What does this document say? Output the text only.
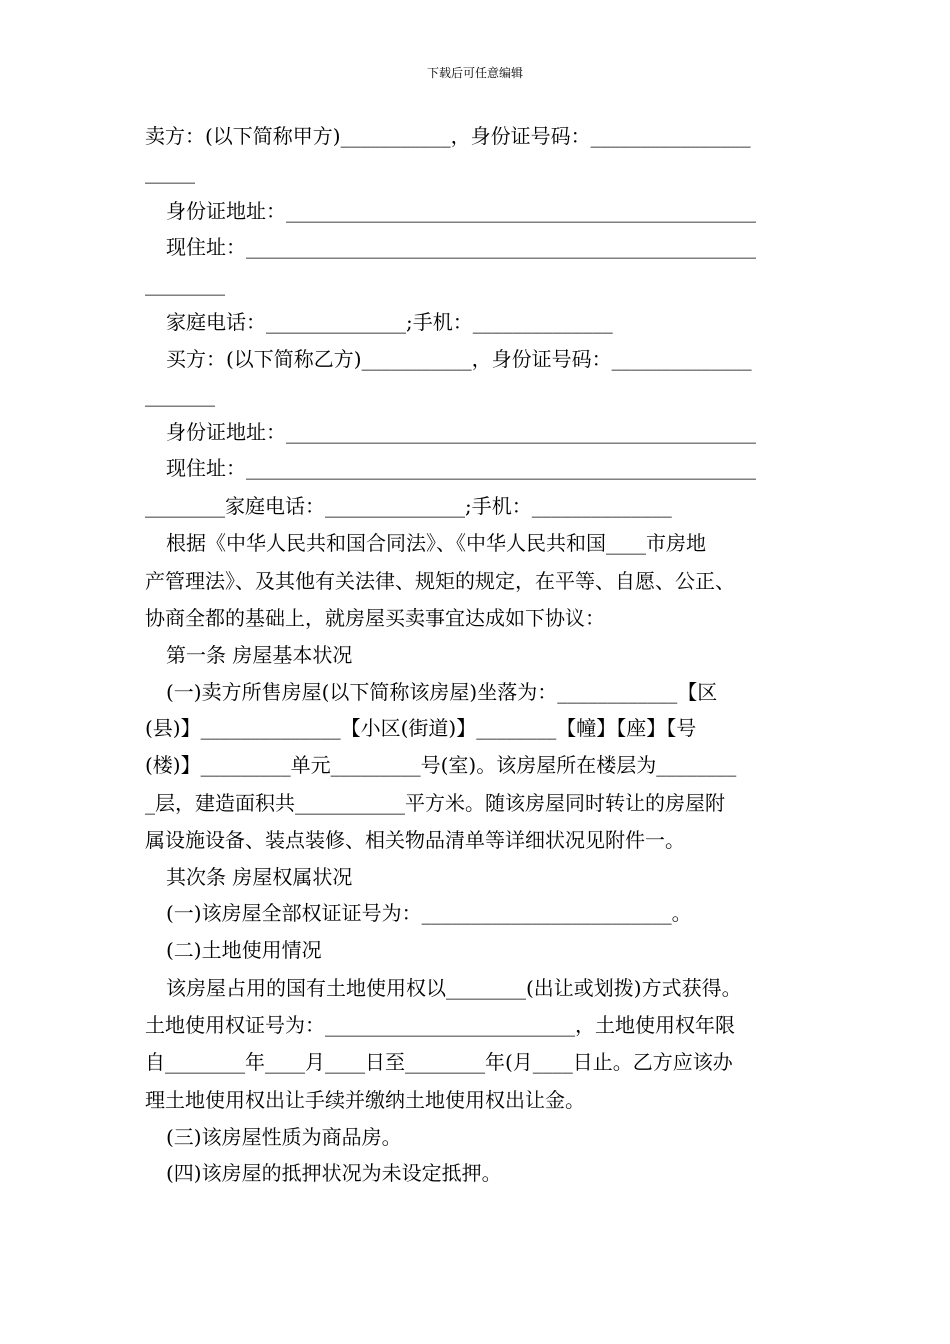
下载后可任意编辑
卖方：(以下简称甲方)___________，身份证号码：________________
_____
身份证地址：_______________________________________________
现住址：___________________________________________________
________
家庭电话：______________;手机：______________
买方：(以下简称乙方)___________，身份证号码：______________
_______
身份证地址：_______________________________________________
现住址：___________________________________________________
________家庭电话：______________;手机：______________
根据《中华人民共和国合同法》、《中华人民共和国____市房地
产管理法》、及其他有关法律、规矩的规定，在平等、自愿、公正、
协商全都的基础上，就房屋买卖事宜达成如下协议：
第一条 房屋基本状况
(一)卖方所售房屋(以下简称该房屋)坐落为：____________【区
(县)】______________【小区(街道)】________【幢】【座】【号
(楼)】_________单元_________号(室)。该房屋所在楼层为________
_层，建造面积共___________平方米。随该房屋同时转让的房屋附
属设施设备、装点装修、相关物品清单等详细状况见附件一。
其次条 房屋权属状况
(一)该房屋全部权证证号为：_________________________。
(二)土地使用情况
该房屋占用的国有土地使用权以________(出让或划拨)方式获得。
土地使用权证号为：_________________________，土地使用权年限
自________年____月____日至________年(月____日止。乙方应该办
理土地使用权出让手续并缴纳土地使用权出让金。
(三)该房屋性质为商品房。
(四)该房屋的抵押状况为未设定抵押。
